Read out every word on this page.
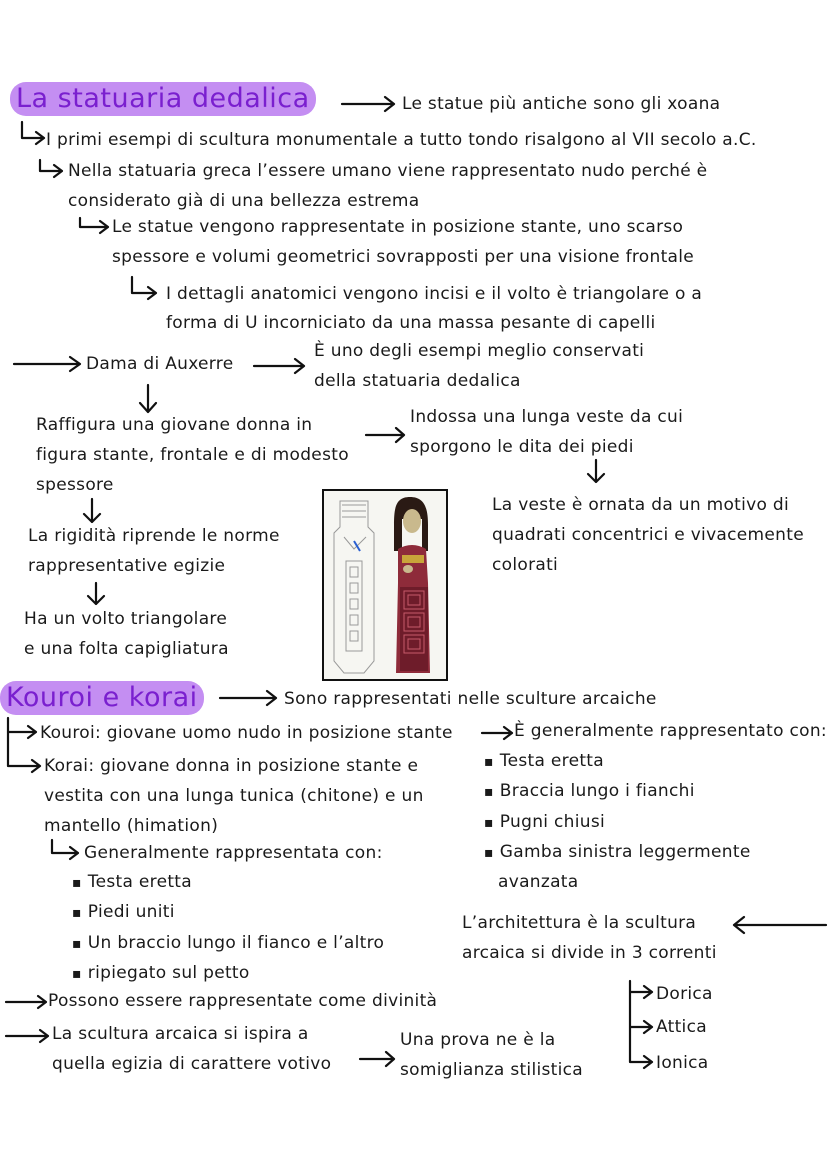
La statuaria dedalica	Le statue più antiche sono gli xoana
I primi esempi di scultura monumentale a tutto tondo risalgono al VII secolo a.C.
Nella statuaria greca l’essere umano viene rappresentato nudo perché è
considerato già di una bellezza estrema
Le statue vengono rappresentate in posizione stante, uno scarso
spessore e volumi geometrici sovrapposti per una visione frontale
I dettagli anatomici vengono incisi e il volto è triangolare o a
forma di U incorniciato da una massa pesante di capelli
Dama di Auxerre
È uno degli esempi meglio conservati
della statuaria dedalica
Raffigura una giovane donna in
figura stante, frontale e di modesto
spessore
Indossa una lunga veste da cui
sporgono le dita dei piedi
La veste è ornata da un motivo di
quadrati concentrici e vivacemente
colorati
La rigidità riprende le norme
rappresentative egizie
Ha un volto triangolare
e una folta capigliatura
Kouroi e korai	Sono rappresentati nelle sculture arcaiche
Kouroi: giovane uomo nudo in posizione stante	È generalmente rappresentato con:
▪ Testa eretta
▪ Braccia lungo i fianchi
▪ Pugni chiusi
▪ Gamba sinistra leggermente
avanzata
Korai: giovane donna in posizione stante e
vestita con una lunga tunica (chitone) e un
mantello (himation)
Generalmente rappresentata con:
▪ Testa eretta
▪ Piedi uniti
▪ Un braccio lungo il fianco e l’altro
▪ ripiegato sul petto
L’architettura è la scultura
arcaica si divide in 3 correnti
Dorica
Attica
Ionica
Possono essere rappresentate come divinità
La scultura arcaica si ispira a
quella egizia di carattere votivo
Una prova ne è la
somiglianza stilistica
